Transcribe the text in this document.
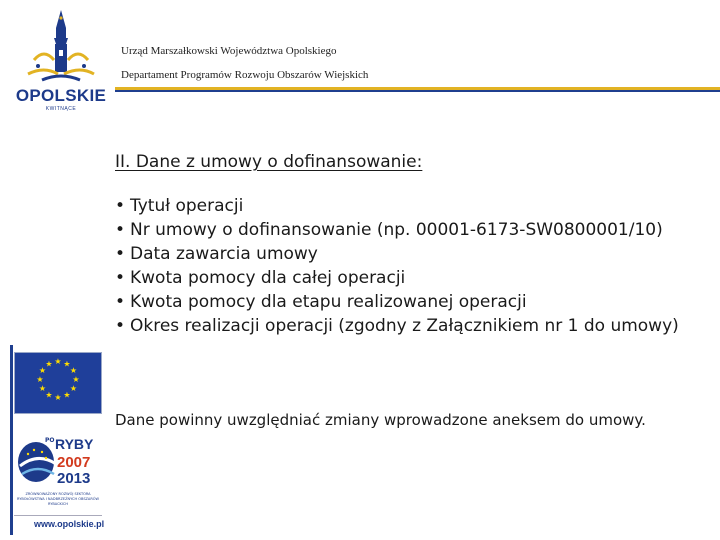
OPOLSKIE
KWITNĄCE
Urząd Marszałkowski Województwa Opolskiego
Departament Programów Rozwoju Obszarów Wiejskich
II. Dane z umowy o dofinansowanie:
• Tytuł operacji
• Nr umowy o dofinansowanie (np. 00001-6173-SW0800001/10)
• Data zawarcia umowy
• Kwota pomocy dla całej operacji
• Kwota pomocy dla etapu realizowanej operacji
• Okres realizacji operacji (zgodny z Załącznikiem nr 1 do umowy)
Dane powinny uwzględniać zmiany wprowadzone aneksem do umowy.
★ ★
★
★
★
★
★
★
★
★
★
★
PO RYBY
2007
2013
ZRÓWNOWAŻONY ROZWÓJ SEKTORA RYBOŁÓWSTWA I NADBRZEŻNYCH OBSZARÓW RYBACKICH
www.opolskie.pl
